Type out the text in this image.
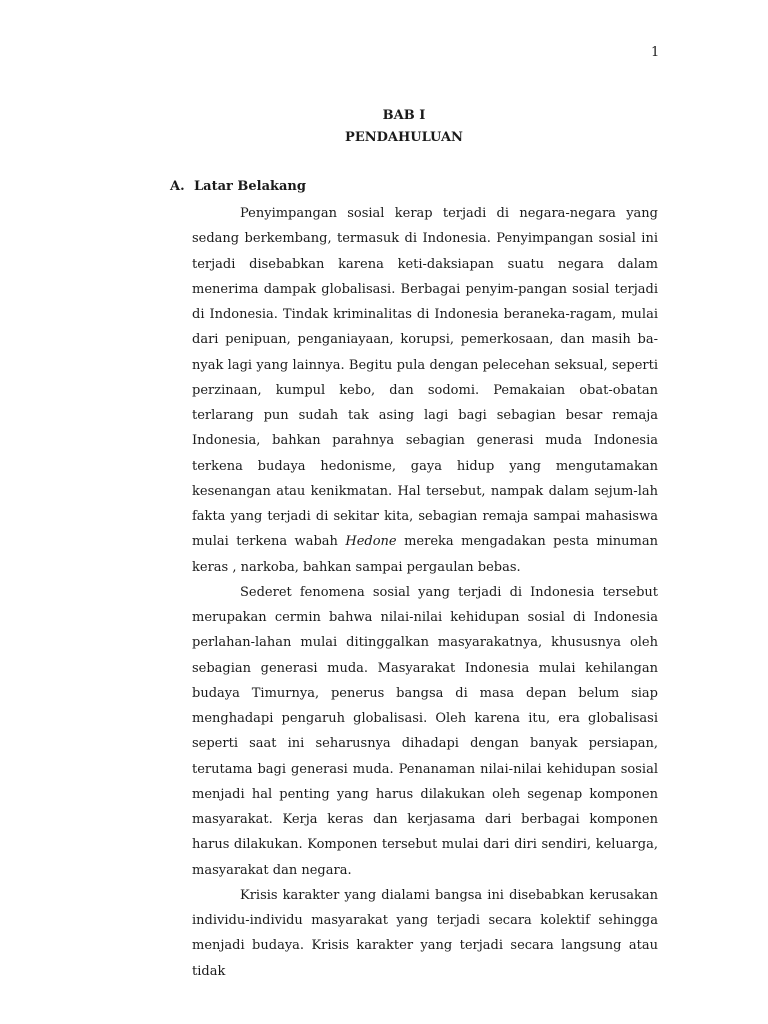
1
BAB I
PENDAHULUAN
A. Latar Belakang

Penyimpangan sosial kerap terjadi di negara-negara yang sedang berkembang, termasuk di Indonesia. Penyimpangan sosial ini terjadi disebabkan karena keti-daksiapan suatu negara dalam menerima dampak globalisasi. Berbagai penyim-pangan sosial terjadi di Indonesia. Tindak kriminalitas di Indonesia beraneka-ragam, mulai dari penipuan, penganiayaan, korupsi, pemerkosaan, dan masih ba-nyak lagi yang lainnya. Begitu pula dengan pelecehan seksual, seperti perzinaan, kumpul kebo, dan sodomi. Pemakaian obat-obatan terlarang pun sudah tak asing lagi bagi sebagian besar remaja Indonesia, bahkan parahnya sebagian generasi muda Indonesia terkena budaya hedonisme, gaya hidup yang mengutamakan kesenangan atau kenikmatan. Hal tersebut, nampak dalam sejum-lah fakta yang terjadi di sekitar kita, sebagian remaja sampai mahasiswa mulai terkena wabah Hedone mereka mengadakan pesta minuman keras , narkoba, bahkan sampai pergaulan bebas.

Sederet fenomena sosial yang terjadi di Indonesia tersebut merupakan cermin bahwa nilai-nilai kehidupan sosial di Indonesia perlahan-lahan mulai ditinggalkan masyarakatnya, khususnya oleh sebagian generasi muda. Masyarakat Indonesia mulai kehilangan budaya Timurnya, penerus bangsa di masa depan belum siap menghadapi pengaruh globalisasi. Oleh karena itu, era globalisasi seperti saat ini seharusnya dihadapi dengan banyak persiapan, terutama bagi generasi muda. Penanaman nilai-nilai kehidupan sosial menjadi hal penting yang harus dilakukan oleh segenap komponen masyarakat. Kerja keras dan kerjasama dari berbagai komponen harus dilakukan. Komponen tersebut mulai dari diri sendiri, keluarga, masyarakat dan negara.

Krisis karakter yang dialami bangsa ini disebabkan kerusakan individu-individu masyarakat yang terjadi secara kolektif sehingga menjadi budaya. Krisis karakter yang terjadi secara langsung atau tidak
